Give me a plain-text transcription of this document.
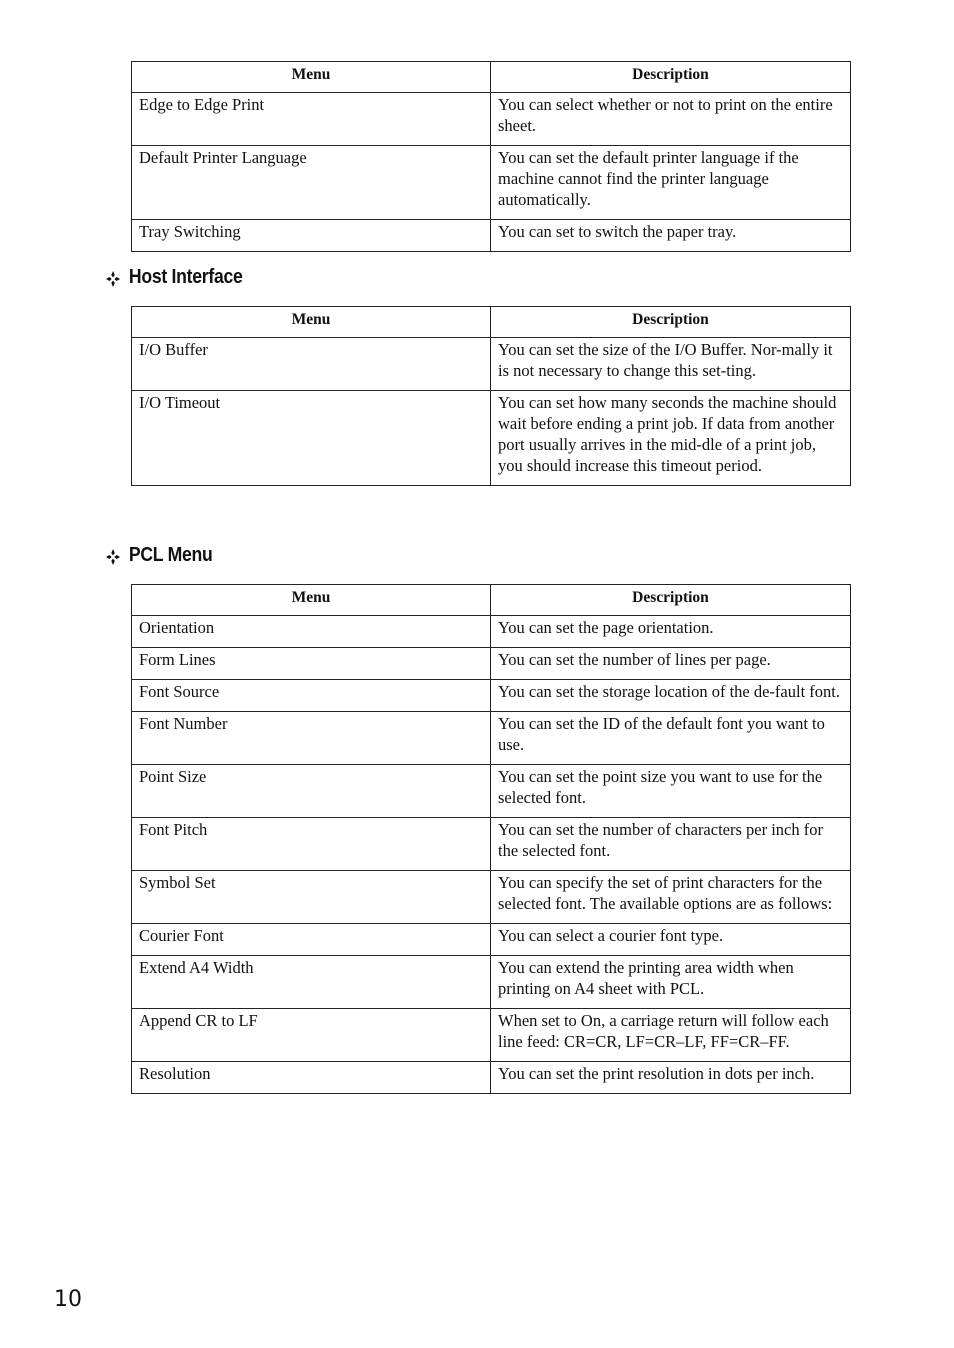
Menu	Description
Edge to Edge Print	You can select whether or not to print on the entire sheet.
Default Printer Language	You can set the default printer language if the machine cannot find the printer language automatically.
Tray Switching	You can set to switch the paper tray.
Host Interface
Menu	Description
I/O Buffer	You can set the size of the I/O Buffer. Nor-mally it is not necessary to change this set-ting.
I/O Timeout	You can set how many seconds the machine should wait before ending a print job. If data from another port usually arrives in the mid-dle of a print job, you should increase this timeout period.
PCL Menu
Menu	Description
Orientation	You can set the page orientation.
Form Lines	You can set the number of lines per page.
Font Source	You can set the storage location of the de-fault font.
Font Number	You can set the ID of the default font you want to use.
Point Size	You can set the point size you want to use for the selected font.
Font Pitch	You can set the number of characters per inch for the selected font.
Symbol Set	You can specify the set of print characters for the selected font. The available options are as follows:
Courier Font	You can select a courier font type.
Extend A4 Width	You can extend the printing area width when printing on A4 sheet with PCL.
Append CR to LF	When set to On, a carriage return will follow each line feed: CR=CR, LF=CR–LF, FF=CR–FF.
Resolution	You can set the print resolution in dots per inch.
10
